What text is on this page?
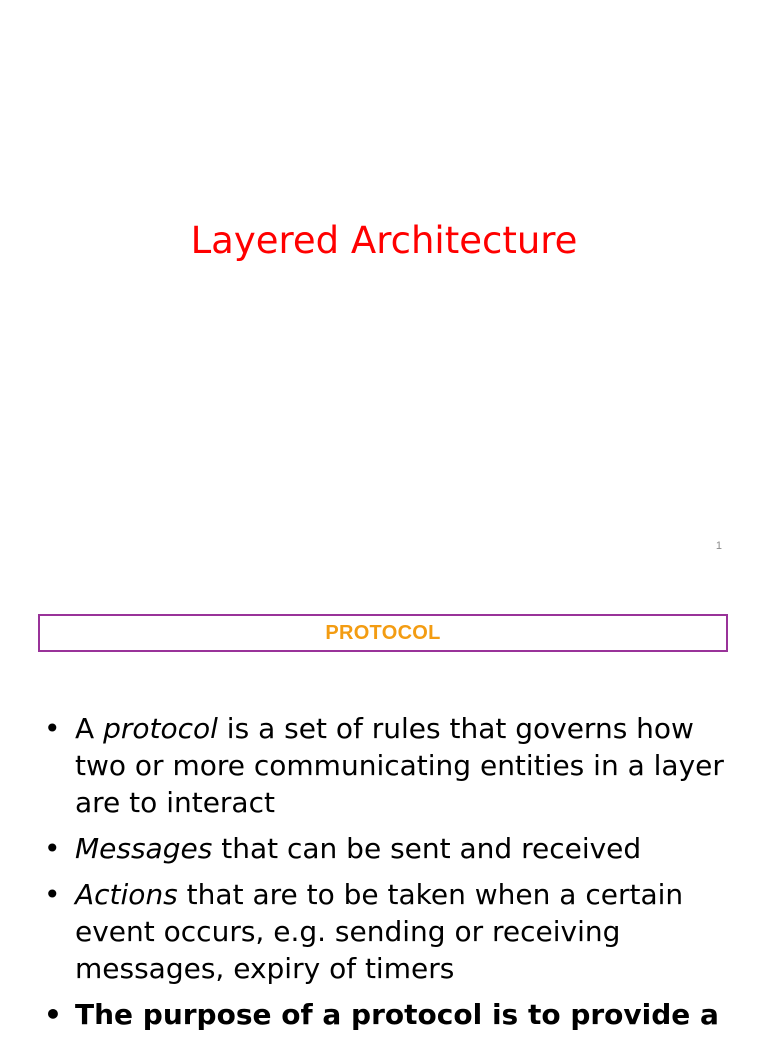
Layered Architecture
1
PROTOCOL
• A protocol is a set of rules that governs how two or more communicating entities in a layer are to interact
• Messages that can be sent and received
• Actions that are to be taken when a certain event occurs, e.g. sending or receiving messages, expiry of timers
• The purpose of a protocol is to provide a
